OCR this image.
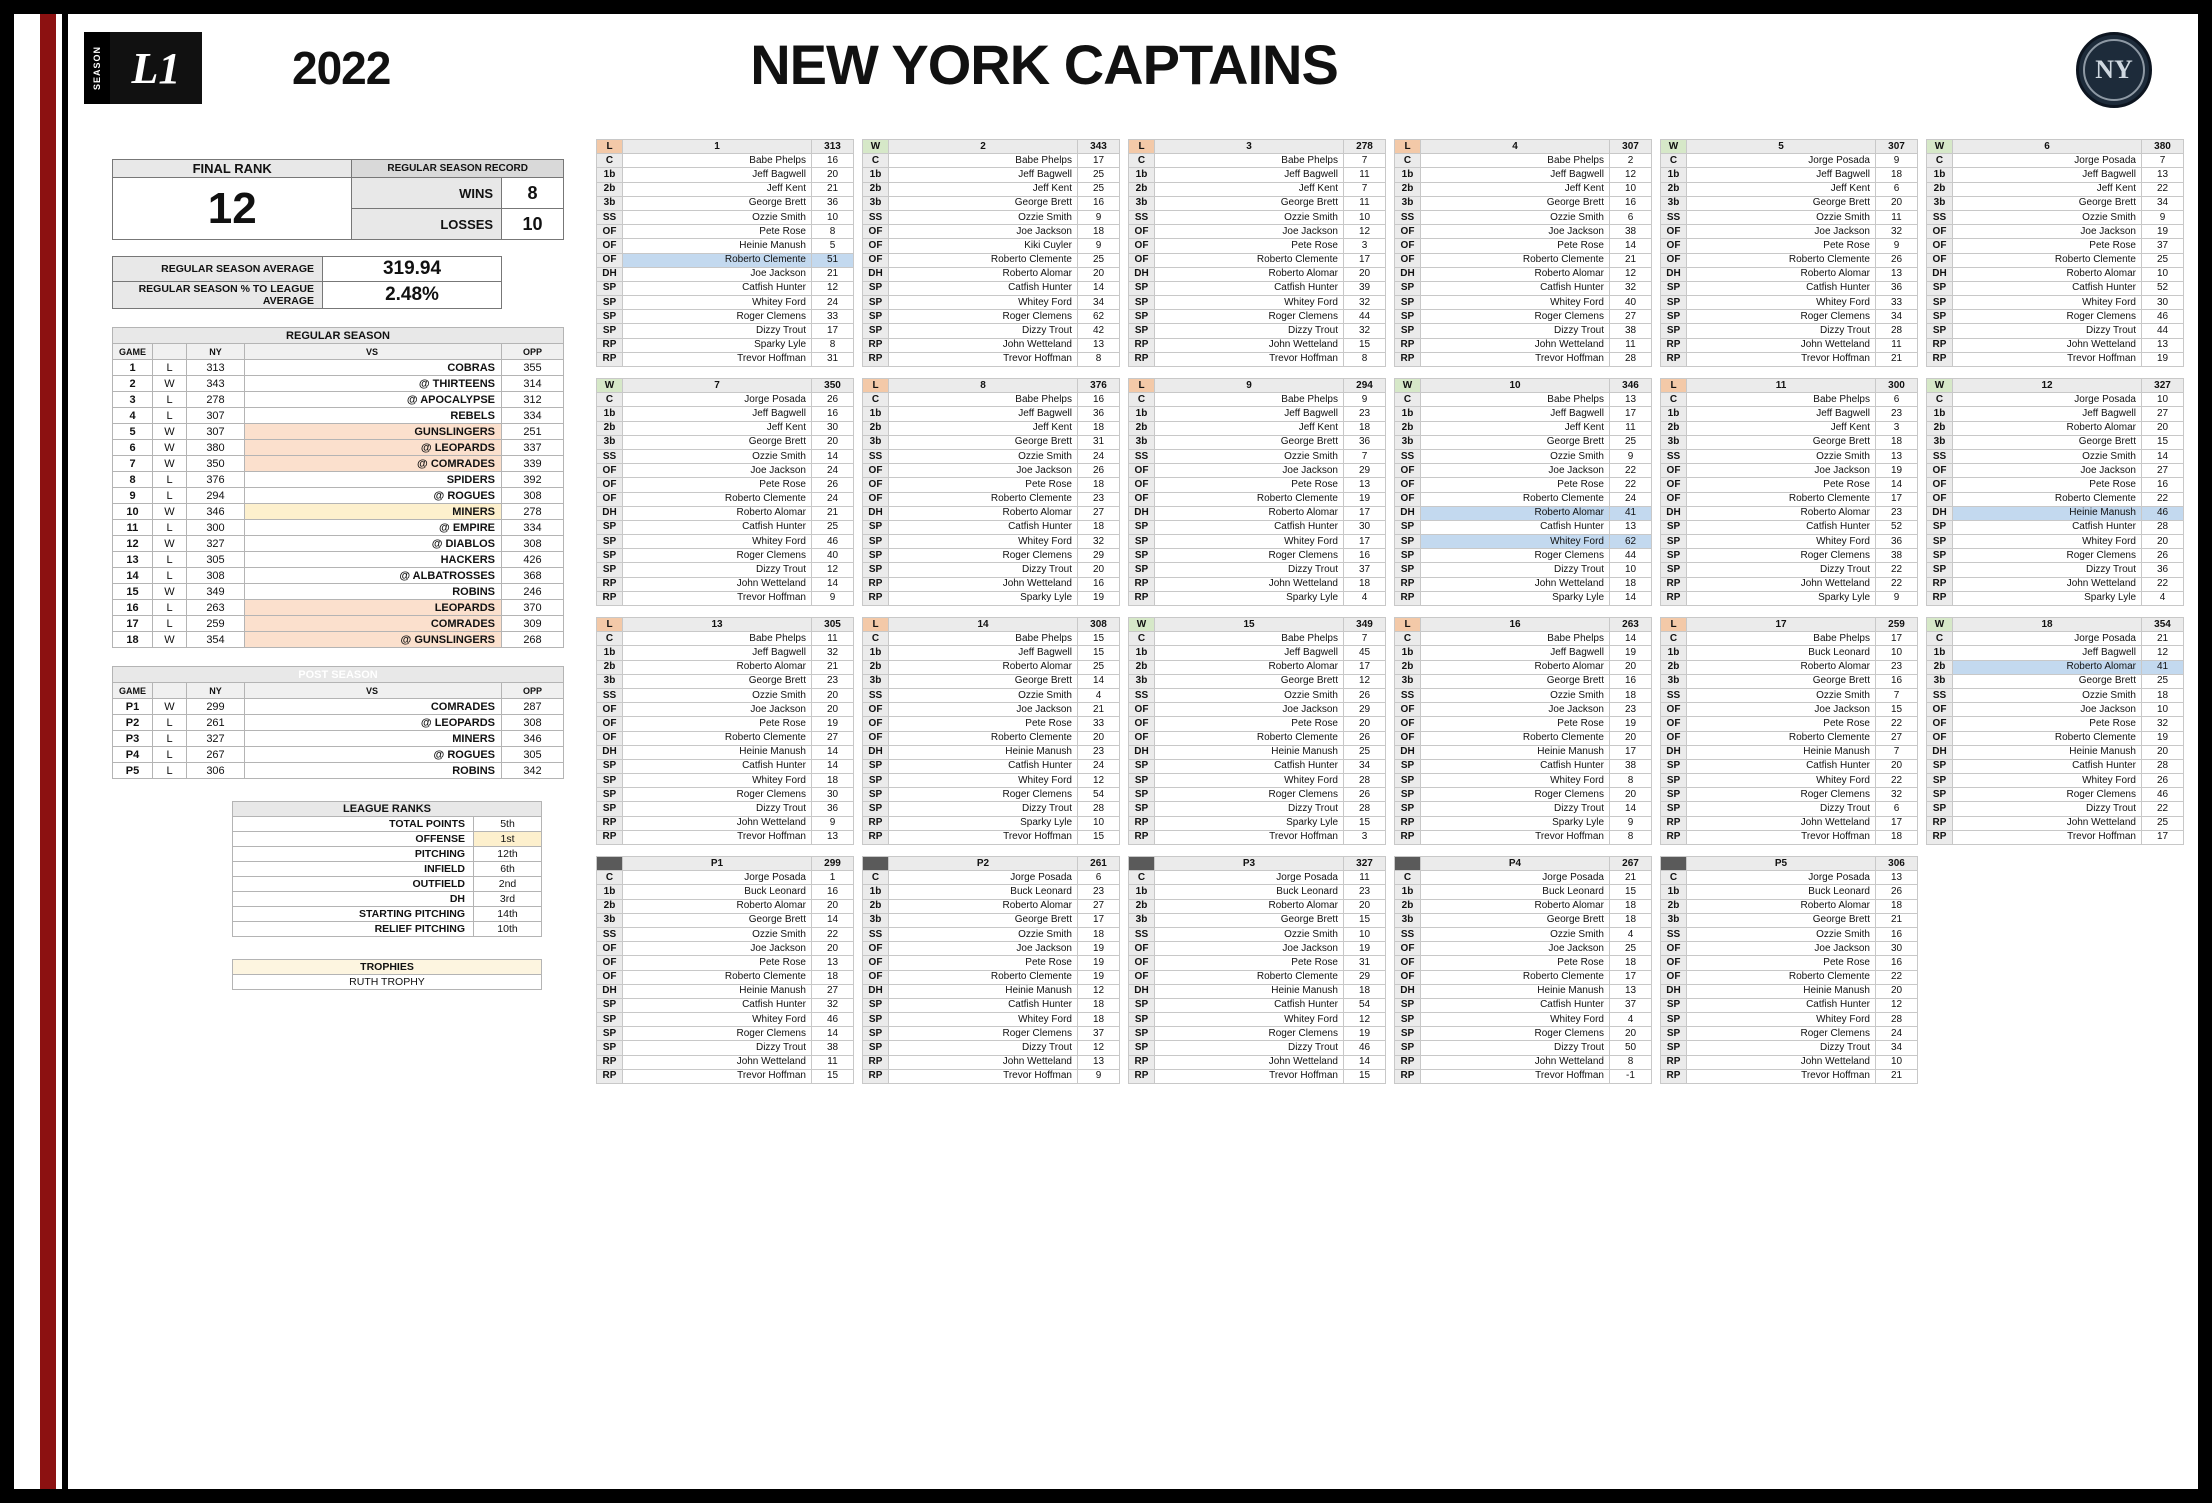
SEASON L1	2022	NEW YORK CAPTAINS	NY
FINAL RANK	REGULAR SEASON RECORD	
12	WINS	8
	LOSSES	10
REGULAR SEASON AVERAGE	319.94
REGULAR SEASON % TO LEAGUE AVERAGE	2.48%
REGULAR SEASON				
GAME		NY	VS	OPP
1	L	313	COBRAS	355
2	W	343	@ THIRTEENS	314
3	L	278	@ APOCALYPSE	312
4	L	307	REBELS	334
5	W	307	GUNSLINGERS	251
6	W	380	@ LEOPARDS	337
7	W	350	@ COMRADES	339
8	L	376	SPIDERS	392
9	L	294	@ ROGUES	308
10	W	346	MINERS	278
11	L	300	@ EMPIRE	334
12	W	327	@ DIABLOS	308
13	L	305	HACKERS	426
14	L	308	@ ALBATROSSES	368
15	W	349	ROBINS	246
16	L	263	LEOPARDS	370
17	L	259	COMRADES	309
18	W	354	@ GUNSLINGERS	268
POST SEASON				
GAME		NY	VS	OPP
P1	W	299	COMRADES	287
P2	L	261	@ LEOPARDS	308
P3	L	327	MINERS	346
P4	L	267	@ ROGUES	305
P5	L	306	ROBINS	342
LEAGUE RANKS	
TOTAL POINTS	5th
OFFENSE	1st
PITCHING	12th
INFIELD	6th
OUTFIELD	2nd
DH	3rd
STARTING PITCHING	14th
RELIEF PITCHING	10th
TROPHIES
RUTH TROPHY
L	1	313
C	Babe Phelps	16
1b	Jeff Bagwell	20
2b	Jeff Kent	21
3b	George Brett	36
SS	Ozzie Smith	10
OF	Pete Rose	8
OF	Heinie Manush	5
OF	Roberto Clemente	51
DH	Joe Jackson	21
SP	Catfish Hunter	12
SP	Whitey Ford	24
SP	Roger Clemens	33
SP	Dizzy Trout	17
RP	Sparky Lyle	8
RP	Trevor Hoffman	31
W	2	343
C	Babe Phelps	17
1b	Jeff Bagwell	25
2b	Jeff Kent	25
3b	George Brett	16
SS	Ozzie Smith	9
OF	Joe Jackson	18
OF	Kiki Cuyler	9
OF	Roberto Clemente	25
DH	Roberto Alomar	20
SP	Catfish Hunter	14
SP	Whitey Ford	34
SP	Roger Clemens	62
SP	Dizzy Trout	42
RP	John Wetteland	13
RP	Trevor Hoffman	8
L	3	278
C	Babe Phelps	7
1b	Jeff Bagwell	11
2b	Jeff Kent	7
3b	George Brett	11
SS	Ozzie Smith	10
OF	Joe Jackson	12
OF	Pete Rose	3
OF	Roberto Clemente	17
DH	Roberto Alomar	20
SP	Catfish Hunter	39
SP	Whitey Ford	32
SP	Roger Clemens	44
SP	Dizzy Trout	32
RP	John Wetteland	15
RP	Trevor Hoffman	8
L	4	307
C	Babe Phelps	2
1b	Jeff Bagwell	12
2b	Jeff Kent	10
3b	George Brett	16
SS	Ozzie Smith	6
OF	Joe Jackson	38
OF	Pete Rose	14
OF	Roberto Clemente	21
DH	Roberto Alomar	12
SP	Catfish Hunter	32
SP	Whitey Ford	40
SP	Roger Clemens	27
SP	Dizzy Trout	38
RP	John Wetteland	11
RP	Trevor Hoffman	28
W	5	307
C	Jorge Posada	9
1b	Jeff Bagwell	18
2b	Jeff Kent	6
3b	George Brett	20
SS	Ozzie Smith	11
OF	Joe Jackson	32
OF	Pete Rose	9
OF	Roberto Clemente	26
DH	Roberto Alomar	13
SP	Catfish Hunter	36
SP	Whitey Ford	33
SP	Roger Clemens	34
SP	Dizzy Trout	28
RP	John Wetteland	11
RP	Trevor Hoffman	21
W	6	380
C	Jorge Posada	7
1b	Jeff Bagwell	13
2b	Jeff Kent	22
3b	George Brett	34
SS	Ozzie Smith	9
OF	Joe Jackson	19
OF	Pete Rose	37
OF	Roberto Clemente	25
DH	Roberto Alomar	10
SP	Catfish Hunter	52
SP	Whitey Ford	30
SP	Roger Clemens	46
SP	Dizzy Trout	44
RP	John Wetteland	13
RP	Trevor Hoffman	19
W	7	350
C	Jorge Posada	26
1b	Jeff Bagwell	16
2b	Jeff Kent	30
3b	George Brett	20
SS	Ozzie Smith	14
OF	Joe Jackson	24
OF	Pete Rose	26
OF	Roberto Clemente	24
DH	Roberto Alomar	21
SP	Catfish Hunter	25
SP	Whitey Ford	46
SP	Roger Clemens	40
SP	Dizzy Trout	12
RP	John Wetteland	14
RP	Trevor Hoffman	9
L	8	376
C	Babe Phelps	16
1b	Jeff Bagwell	36
2b	Jeff Kent	18
3b	George Brett	31
SS	Ozzie Smith	24
OF	Joe Jackson	26
OF	Pete Rose	18
OF	Roberto Clemente	23
DH	Roberto Alomar	27
SP	Catfish Hunter	18
SP	Whitey Ford	32
SP	Roger Clemens	29
SP	Dizzy Trout	20
RP	John Wetteland	16
RP	Sparky Lyle	19
L	9	294
C	Babe Phelps	9
1b	Jeff Bagwell	23
2b	Jeff Kent	18
3b	George Brett	36
SS	Ozzie Smith	7
OF	Joe Jackson	29
OF	Pete Rose	13
OF	Roberto Clemente	19
DH	Roberto Alomar	17
SP	Catfish Hunter	30
SP	Whitey Ford	17
SP	Roger Clemens	16
SP	Dizzy Trout	37
RP	John Wetteland	18
RP	Sparky Lyle	4
W	10	346
C	Babe Phelps	13
1b	Jeff Bagwell	17
2b	Jeff Kent	11
3b	George Brett	25
SS	Ozzie Smith	9
OF	Joe Jackson	22
OF	Pete Rose	22
OF	Roberto Clemente	24
DH	Roberto Alomar	41
SP	Catfish Hunter	13
SP	Whitey Ford	62
SP	Roger Clemens	44
SP	Dizzy Trout	10
RP	John Wetteland	18
RP	Sparky Lyle	14
L	11	300
C	Babe Phelps	6
1b	Jeff Bagwell	23
2b	Jeff Kent	3
3b	George Brett	18
SS	Ozzie Smith	13
OF	Joe Jackson	19
OF	Pete Rose	14
OF	Roberto Clemente	17
DH	Roberto Alomar	23
SP	Catfish Hunter	52
SP	Whitey Ford	36
SP	Roger Clemens	38
SP	Dizzy Trout	22
RP	John Wetteland	22
RP	Sparky Lyle	9
W	12	327
C	Jorge Posada	10
1b	Jeff Bagwell	27
2b	Roberto Alomar	20
3b	George Brett	15
SS	Ozzie Smith	14
OF	Joe Jackson	27
OF	Pete Rose	16
OF	Roberto Clemente	22
DH	Heinie Manush	46
SP	Catfish Hunter	28
SP	Whitey Ford	20
SP	Roger Clemens	26
SP	Dizzy Trout	36
RP	John Wetteland	22
RP	Sparky Lyle	4
L	13	305
C	Babe Phelps	11
1b	Jeff Bagwell	32
2b	Roberto Alomar	21
3b	George Brett	23
SS	Ozzie Smith	20
OF	Joe Jackson	20
OF	Pete Rose	19
OF	Roberto Clemente	27
DH	Heinie Manush	14
SP	Catfish Hunter	14
SP	Whitey Ford	18
SP	Roger Clemens	30
SP	Dizzy Trout	36
RP	John Wetteland	9
RP	Trevor Hoffman	13
L	14	308
C	Babe Phelps	15
1b	Jeff Bagwell	15
2b	Roberto Alomar	25
3b	George Brett	14
SS	Ozzie Smith	4
OF	Joe Jackson	21
OF	Pete Rose	33
OF	Roberto Clemente	20
DH	Heinie Manush	23
SP	Catfish Hunter	24
SP	Whitey Ford	12
SP	Roger Clemens	54
SP	Dizzy Trout	28
RP	Sparky Lyle	10
RP	Trevor Hoffman	15
W	15	349
C	Babe Phelps	7
1b	Jeff Bagwell	45
2b	Roberto Alomar	17
3b	George Brett	12
SS	Ozzie Smith	26
OF	Joe Jackson	29
OF	Pete Rose	20
OF	Roberto Clemente	26
DH	Heinie Manush	25
SP	Catfish Hunter	34
SP	Whitey Ford	28
SP	Roger Clemens	26
SP	Dizzy Trout	28
RP	Sparky Lyle	15
RP	Trevor Hoffman	3
L	16	263
C	Babe Phelps	14
1b	Jeff Bagwell	19
2b	Roberto Alomar	20
3b	George Brett	16
SS	Ozzie Smith	18
OF	Joe Jackson	23
OF	Pete Rose	19
OF	Roberto Clemente	20
DH	Heinie Manush	17
SP	Catfish Hunter	38
SP	Whitey Ford	8
SP	Roger Clemens	20
SP	Dizzy Trout	14
RP	Sparky Lyle	9
RP	Trevor Hoffman	8
L	17	259
C	Babe Phelps	17
1b	Buck Leonard	10
2b	Roberto Alomar	23
3b	George Brett	16
SS	Ozzie Smith	7
OF	Joe Jackson	15
OF	Pete Rose	22
OF	Roberto Clemente	27
DH	Heinie Manush	7
SP	Catfish Hunter	20
SP	Whitey Ford	22
SP	Roger Clemens	32
SP	Dizzy Trout	6
RP	John Wetteland	17
RP	Trevor Hoffman	18
W	18	354
C	Jorge Posada	21
1b	Jeff Bagwell	12
2b	Roberto Alomar	41
3b	George Brett	25
SS	Ozzie Smith	18
OF	Joe Jackson	10
OF	Pete Rose	32
OF	Roberto Clemente	19
DH	Heinie Manush	20
SP	Catfish Hunter	28
SP	Whitey Ford	26
SP	Roger Clemens	46
SP	Dizzy Trout	22
RP	John Wetteland	25
RP	Trevor Hoffman	17
	P1	299
C	Jorge Posada	1
1b	Buck Leonard	16
2b	Roberto Alomar	20
3b	George Brett	14
SS	Ozzie Smith	22
OF	Joe Jackson	20
OF	Pete Rose	13
OF	Roberto Clemente	18
DH	Heinie Manush	27
SP	Catfish Hunter	32
SP	Whitey Ford	46
SP	Roger Clemens	14
SP	Dizzy Trout	38
RP	John Wetteland	11
RP	Trevor Hoffman	15
	P2	261
C	Jorge Posada	6
1b	Buck Leonard	23
2b	Roberto Alomar	27
3b	George Brett	17
SS	Ozzie Smith	18
OF	Joe Jackson	19
OF	Pete Rose	19
OF	Roberto Clemente	19
DH	Heinie Manush	12
SP	Catfish Hunter	18
SP	Whitey Ford	18
SP	Roger Clemens	37
SP	Dizzy Trout	12
RP	John Wetteland	13
RP	Trevor Hoffman	9
	P3	327
C	Jorge Posada	11
1b	Buck Leonard	23
2b	Roberto Alomar	20
3b	George Brett	15
SS	Ozzie Smith	10
OF	Joe Jackson	19
OF	Pete Rose	31
OF	Roberto Clemente	29
DH	Heinie Manush	18
SP	Catfish Hunter	54
SP	Whitey Ford	12
SP	Roger Clemens	19
SP	Dizzy Trout	46
RP	John Wetteland	14
RP	Trevor Hoffman	15
	P4	267
C	Jorge Posada	21
1b	Buck Leonard	15
2b	Roberto Alomar	18
3b	George Brett	18
SS	Ozzie Smith	4
OF	Joe Jackson	25
OF	Pete Rose	18
OF	Roberto Clemente	17
DH	Heinie Manush	13
SP	Catfish Hunter	37
SP	Whitey Ford	4
SP	Roger Clemens	20
SP	Dizzy Trout	50
RP	John Wetteland	8
RP	Trevor Hoffman	-1
	P5	306
C	Jorge Posada	13
1b	Buck Leonard	26
2b	Roberto Alomar	18
3b	George Brett	21
SS	Ozzie Smith	16
OF	Joe Jackson	30
OF	Pete Rose	16
OF	Roberto Clemente	22
DH	Heinie Manush	20
SP	Catfish Hunter	12
SP	Whitey Ford	28
SP	Roger Clemens	24
SP	Dizzy Trout	34
RP	John Wetteland	10
RP	Trevor Hoffman	21
